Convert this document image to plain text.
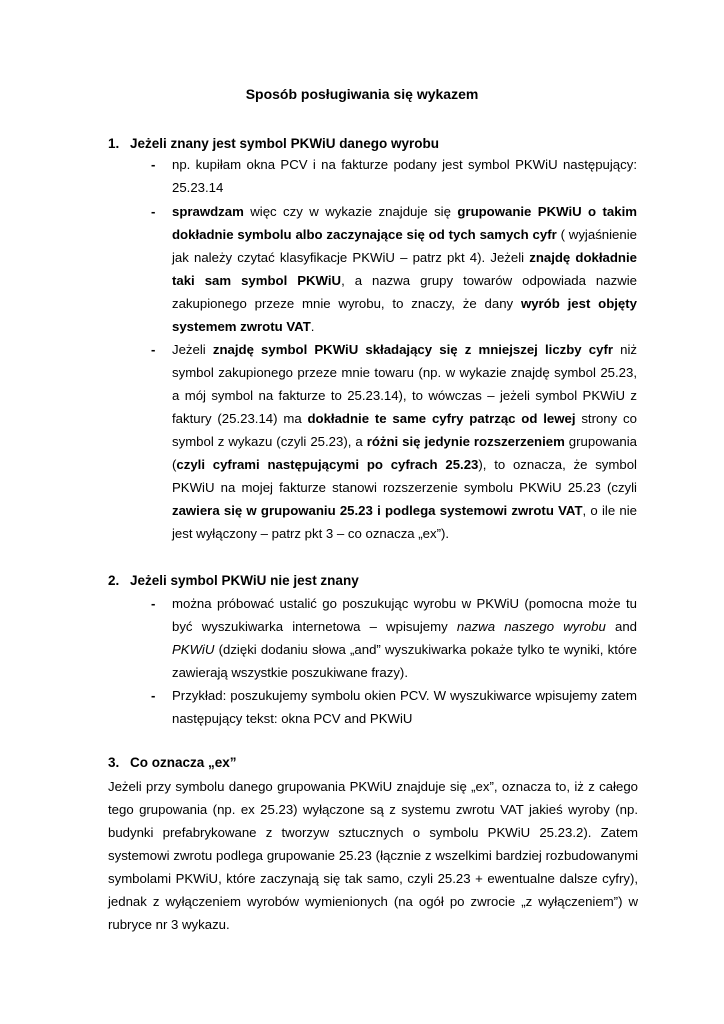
Sposób posługiwania się wykazem
1. Jeżeli znany jest symbol PKWiU danego wyrobu
- np. kupiłam okna PCV i na fakturze podany jest symbol PKWiU następujący: 25.23.14
- sprawdzam więc czy w wykazie znajduje się grupowanie PKWiU o takim dokładnie symbolu albo zaczynające się od tych samych cyfr ( wyjaśnienie jak należy czytać klasyfikacje PKWiU – patrz pkt 4). Jeżeli znajdę dokładnie taki sam symbol PKWiU, a nazwa grupy towarów odpowiada nazwie zakupionego przeze mnie wyrobu, to znaczy, że dany wyrób jest objęty systemem zwrotu VAT.
- Jeżeli znajdę symbol PKWiU składający się z mniejszej liczby cyfr niż symbol zakupionego przeze mnie towaru (np. w wykazie znajdę symbol 25.23, a mój symbol na fakturze to 25.23.14), to wówczas – jeżeli symbol PKWiU z faktury (25.23.14) ma dokładnie te same cyfry patrząc od lewej strony co symbol z wykazu (czyli 25.23), a różni się jedynie rozszerzeniem grupowania (czyli cyframi następującymi po cyfrach 25.23), to oznacza, że symbol PKWiU na mojej fakturze stanowi rozszerzenie symbolu PKWiU 25.23 (czyli zawiera się w grupowaniu 25.23 i podlega systemowi zwrotu VAT, o ile nie jest wyłączony – patrz pkt 3 – co oznacza „ex”).
2. Jeżeli symbol PKWiU nie jest znany
- można próbować ustalić go poszukując wyrobu w PKWiU (pomocna może tu być wyszukiwarka internetowa – wpisujemy nazwa naszego wyrobu and PKWiU (dzięki dodaniu słowa „and” wyszukiwarka pokaże tylko te wyniki, które zawierają wszystkie poszukiwane frazy).
- Przykład: poszukujemy symbolu okien PCV. W wyszukiwarce wpisujemy zatem następujący tekst: okna PCV and PKWiU
3. Co oznacza „ex”
Jeżeli przy symbolu danego grupowania PKWiU znajduje się „ex”, oznacza to, iż z całego tego grupowania (np. ex 25.23) wyłączone są z systemu zwrotu VAT jakieś wyroby (np. budynki prefabrykowane z tworzyw sztucznych o symbolu PKWiU 25.23.2). Zatem systemowi zwrotu podlega grupowanie 25.23 (łącznie z wszelkimi bardziej rozbudowanymi symbolami PKWiU, które zaczynają się tak samo, czyli 25.23 + ewentualne dalsze cyfry), jednak z wyłączeniem wyrobów wymienionych (na ogół po zwrocie „z wyłączeniem”) w rubryce nr 3 wykazu.
